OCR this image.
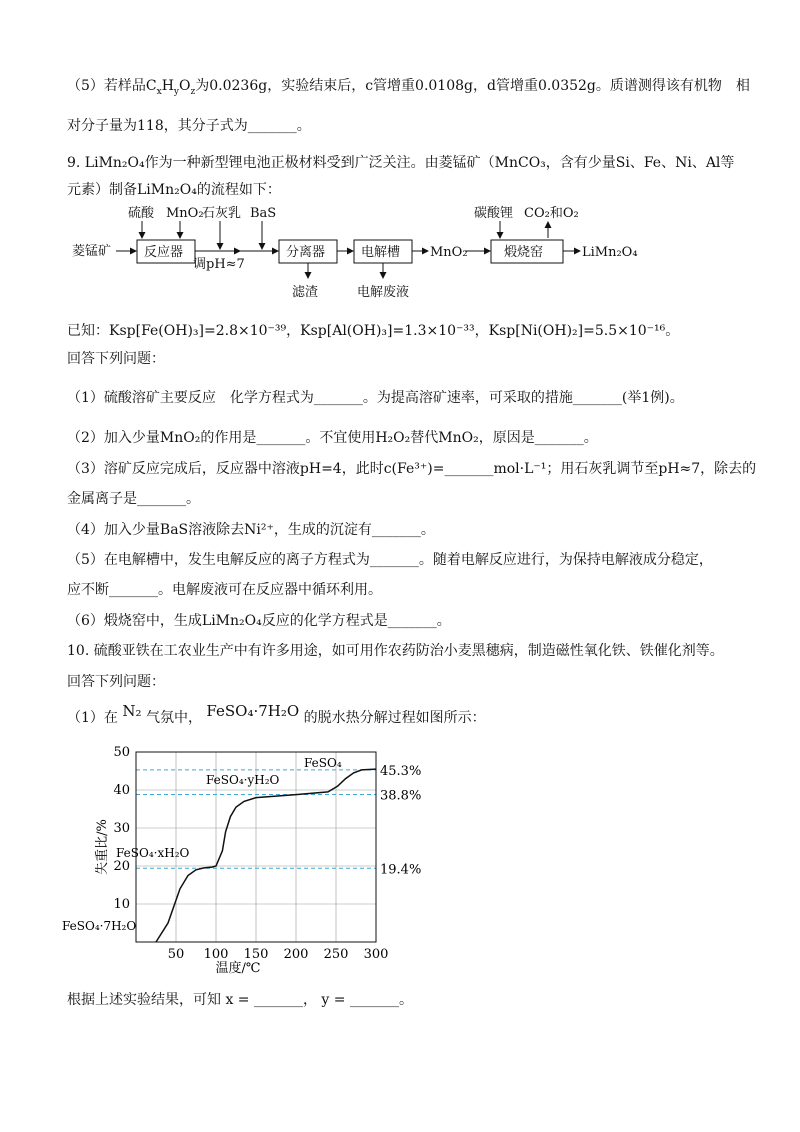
（5）若样品$C_xH_yO_z$为0.0236g，实验结束后，c管增重0.0108g，d管增重0.0352g。质谱测得该有机物　相
对分子量为118，其分子式为_______。
9. LiMn₂O₄作为一种新型锂电池正极材料受到广泛关注。由菱锰矿（MnCO₃，含有少量Si、Fe、Ni、Al等
元素）制备LiMn₂O₄的流程如下：
菱锰矿	反应器
硫酸 MnO₂
石灰乳 BaS
调pH≈7
分离器
滤渣
电解槽
电解废液
MnO₂
碳酸锂 CO₂和O₂
煅烧窑	LiMn₂O₄
已知：Ksp[Fe(OH)₃]=2.8×10⁻³⁹，Ksp[Al(OH)₃]=1.3×10⁻³³，Ksp[Ni(OH)₂]=5.5×10⁻¹⁶。
回答下列问题：
（1）硫酸溶矿主要反应　化学方程式为_______。为提高溶矿速率，可采取的措施_______(举1例)。
（2）加入少量MnO₂的作用是_______。不宜使用H₂O₂替代MnO₂，原因是_______。
（3）溶矿反应完成后，反应器中溶液pH=4，此时c(Fe³⁺)=_______mol·L⁻¹；用石灰乳调节至pH≈7，除去的
金属离子是_______。
（4）加入少量BaS溶液除去Ni²⁺，生成的沉淀有_______。
（5）在电解槽中，发生电解反应的离子方程式为_______。随着电解反应进行，为保持电解液成分稳定，
应不断_______。电解废液可在反应器中循环利用。
（6）煅烧窑中，生成LiMn₂O₄反应的化学方程式是_______。
10. 硫酸亚铁在工农业生产中有许多用途，如可用作农药防治小麦黑穗病，制造磁性氧化铁、铁催化剂等。
回答下列问题：
（1）在 N₂ 气氛中， FeSO₄·7H₂O 的脱水热分解过程如图所示：
45.3%
38.8%
19.4%
50 100 150 200 250 300
10
20
30
40
50
温度/℃
失重比/%
FeSO₄·7H₂O
FeSO₄·xH₂O
FeSO₄·yH₂O
FeSO₄
根据上述实验结果，可知 x = _______， y = _______。
